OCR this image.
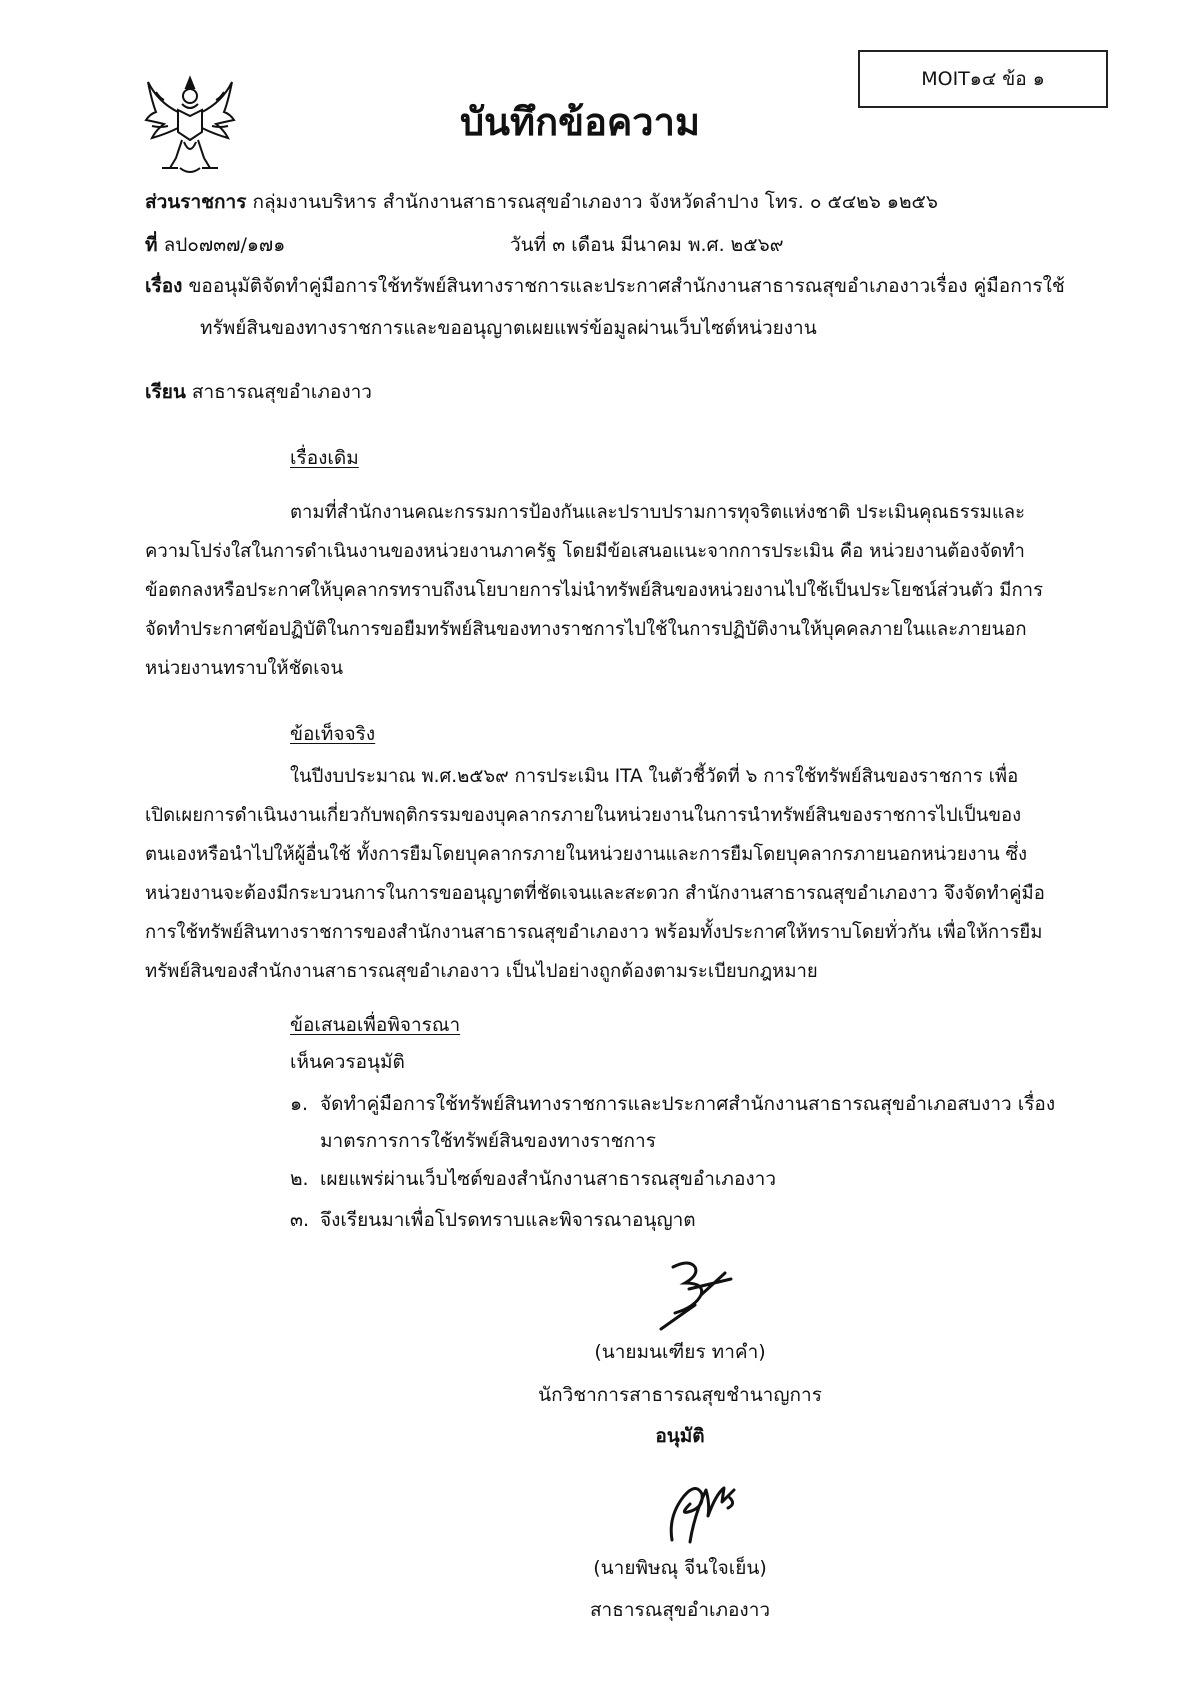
MOIT๑๔ ข้อ ๑
บันทึกข้อความ
ส่วนราชการ กลุ่มงานบริหาร สำนักงานสาธารณสุขอำเภองาว จังหวัดลำปาง โทร. ๐ ๕๔๒๖ ๑๒๕๖
ที่ ลป๐๗๓๗/๑๗๑	วันที่ ๓ เดือน มีนาคม พ.ศ. ๒๕๖๙
เรื่อง ขออนุมัติจัดทำคู่มือการใช้ทรัพย์สินทางราชการและประกาศสำนักงานสาธารณสุขอำเภองาวเรื่อง คู่มือการใช้
ทรัพย์สินของทางราชการและขออนุญาตเผยแพร่ข้อมูลผ่านเว็บไซต์หน่วยงาน
เรียน สาธารณสุขอำเภองาว
เรื่องเดิม
ตามที่สำนักงานคณะกรรมการป้องกันและปราบปรามการทุจริตแห่งชาติ ประเมินคุณธรรมและ
ความโปร่งใสในการดำเนินงานของหน่วยงานภาครัฐ โดยมีข้อเสนอแนะจากการประเมิน คือ หน่วยงานต้องจัดทำ
ข้อตกลงหรือประกาศให้บุคลากรทราบถึงนโยบายการไม่นำทรัพย์สินของหน่วยงานไปใช้เป็นประโยชน์ส่วนตัว มีการ
จัดทำประกาศข้อปฏิบัติในการขอยืมทรัพย์สินของทางราชการไปใช้ในการปฏิบัติงานให้บุคคลภายในและภายนอก
หน่วยงานทราบให้ชัดเจน
ข้อเท็จจริง
ในปีงบประมาณ พ.ศ.๒๕๖๙ การประเมิน ITA ในตัวชี้วัดที่ ๖ การใช้ทรัพย์สินของราชการ เพื่อ
เปิดเผยการดำเนินงานเกี่ยวกับพฤติกรรมของบุคลากรภายในหน่วยงานในการนำทรัพย์สินของราชการไปเป็นของ
ตนเองหรือนำไปให้ผู้อื่นใช้ ทั้งการยืมโดยบุคลากรภายในหน่วยงานและการยืมโดยบุคลากรภายนอกหน่วยงาน ซึ่ง
หน่วยงานจะต้องมีกระบวนการในการขออนุญาตที่ชัดเจนและสะดวก สำนักงานสาธารณสุขอำเภองาว จึงจัดทำคู่มือ
การใช้ทรัพย์สินทางราชการของสำนักงานสาธารณสุขอำเภองาว พร้อมทั้งประกาศให้ทราบโดยทั่วกัน เพื่อให้การยืม
ทรัพย์สินของสำนักงานสาธารณสุขอำเภองาว เป็นไปอย่างถูกต้องตามระเบียบกฎหมาย
ข้อเสนอเพื่อพิจารณา
เห็นควรอนุมัติ
๑. จัดทำคู่มือการใช้ทรัพย์สินทางราชการและประกาศสำนักงานสาธารณสุขอำเภอสบงาว เรื่อง
มาตรการการใช้ทรัพย์สินของทางราชการ
๒. เผยแพร่ผ่านเว็บไซต์ของสำนักงานสาธารณสุขอำเภองาว
๓. จึงเรียนมาเพื่อโปรดทราบและพิจารณาอนุญาต
(นายมนเฑียร ทาคำ)
นักวิชาการสาธารณสุขชำนาญการ
อนุมัติ
(นายพิษณุ จีนใจเย็น)
สาธารณสุขอำเภองาว
